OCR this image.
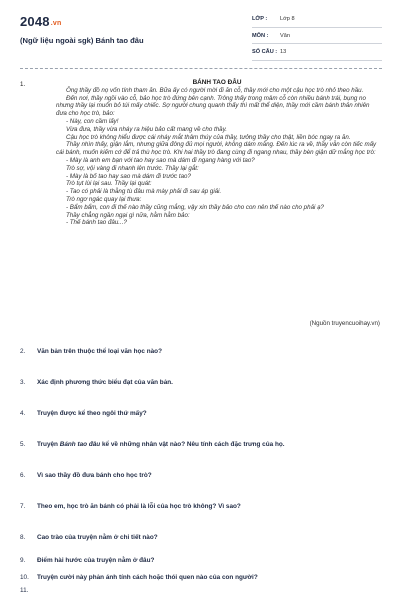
2048.vn
(Ngữ liệu ngoài sgk) Bánh tao đâu
LỚP : Lớp 8
MÔN : Văn
SỐ CÂU : 13
1.	BÁNH TAO ĐÂU

Ông thầy đồ nọ vốn tính tham ăn. Bữa ấy có người mời đi ăn cỗ, thầy mới cho một cậu học trò nhỏ theo hầu.

Đến nơi, thầy ngồi vào cỗ, bảo học trò đứng bên cạnh. Trông thấy trong mâm cỗ còn nhiều bánh trái, bụng no nhưng thầy lại muốn bỏ túi mấy chiếc. Sợ người chung quanh thấy thì mất thể diện, thầy mới cầm bánh thản nhiên đưa cho học trò, bảo:

- Này, con cầm lấy!

Vừa đưa, thầy vừa nháy ra hiệu bảo cất mang về cho thầy.

Cậu học trò không hiểu được cái nháy mắt thâm thúy của thầy, tưởng thầy cho thật, liền bóc ngay ra ăn.

Thầy nhìn thấy, giận lắm, nhưng giữa đông đủ mọi người, không dám mắng. Đến lúc ra về, thầy vẫn còn tiếc mấy cái bánh, muốn kiếm cớ để trả thù học trò. Khi hai thầy trò đang cùng đi ngang nhau, thầy bèn giận dữ mắng học trò:

- Mày là anh em bạn với tao hay sao mà dám đi ngang hàng với tao?

Trò sợ, vội vàng đi nhanh lên trước. Thầy lại gắt:

- Mày là bố tao hay sao mà dám đi trước tao?

Trò tụt lùi lại sau. Thầy lại quát:

- Tao có phải là thằng tù đâu mà mày phải đi sau áp giải.

Trò ngơ ngác quay lại thưa:

- Bẩm bẩm, con đi thế nào thầy cũng mắng, vậy xin thầy bảo cho con nên thế nào cho phải ạ?

Thầy chẳng ngần ngại gì nữa, hằm hằm bảo:

- Thế bánh tao đâu...?

(Nguồn truyencuoihay.vn)
2. Văn bản trên thuộc thể loại văn học nào?
3. Xác định phương thức biểu đạt của văn bản.
4. Truyện được kể theo ngôi thứ mấy?
5. Truyện Bánh tao đâu kể về những nhân vật nào? Nêu tính cách đặc trưng của họ.
6. Vì sao thầy đồ đưa bánh cho học trò?
7. Theo em, học trò ăn bánh có phải là lỗi của học trò không? Vì sao?
8. Cao trào của truyện nằm ở chi tiết nào?
9. Điểm hài hước của truyện nằm ở đâu?
10. Truyện cười này phản ánh tính cách hoặc thói quen nào của con người?
11.
